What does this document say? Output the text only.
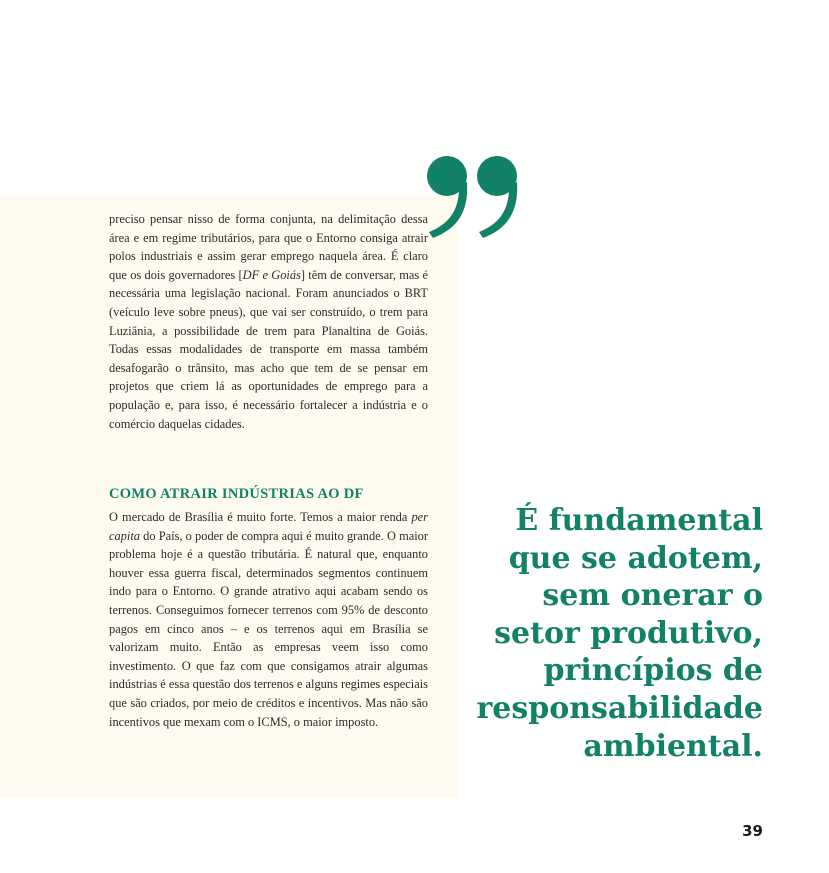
preciso pensar nisso de forma conjunta, na delimitação dessa área e em regime tributários, para que o Entorno consiga atrair polos industriais e assim gerar emprego naquela área. É claro que os dois governadores [DF e Goiás] têm de conversar, mas é necessária uma legislação nacional. Foram anunciados o BRT (veículo leve sobre pneus), que vai ser construído, o trem para Luziânia, a possibilidade de trem para Planaltina de Goiás. Todas essas modalidades de transporte em massa também desafogarão o trânsito, mas acho que tem de se pensar em projetos que criem lá as oportunidades de emprego para a população e, para isso, é necessário fortalecer a indústria e o comércio daquelas cidades.

COMO ATRAIR INDÚSTRIAS AO DF

O mercado de Brasília é muito forte. Temos a maior renda per capita do País, o poder de compra aqui é muito grande. O maior problema hoje é a questão tributária. É natural que, enquanto houver essa guerra fiscal, determinados segmentos continuem indo para o Entorno. O grande atrativo aqui acabam sendo os terrenos. Conseguimos fornecer terrenos com 95% de desconto pagos em cinco anos – e os terrenos aqui em Brasília se valorizam muito. Então as empresas veem isso como investimento. O que faz com que consigamos atrair algumas indústrias é essa questão dos terrenos e alguns regimes especiais que são criados, por meio de créditos e incentivos. Mas não são incentivos que mexam com o ICMS, o maior imposto.

É fundamental
que se adotem,
sem onerar o
setor produtivo,
princípios de
responsabilidade
ambiental.
39
